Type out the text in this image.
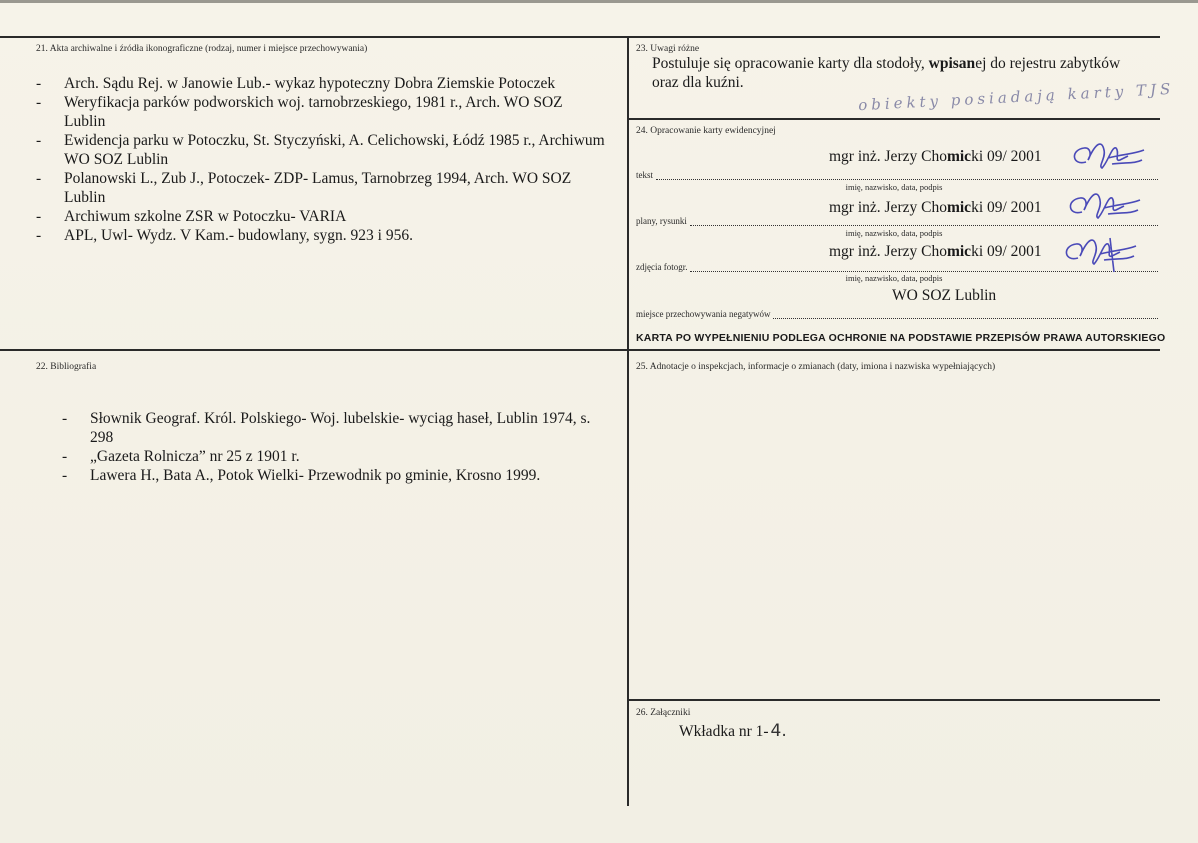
21. Akta archiwalne i źródła ikonograficzne (rodzaj, numer i miejsce przechowywania)
- Arch. Sądu Rej. w Janowie Lub.- wykaz hypoteczny Dobra Ziemskie Potoczek
- Weryfikacja parków podworskich woj. tarnobrzeskiego, 1981 r., Arch. WO SOZ Lublin
- Ewidencja parku w Potoczku, St. Styczyński, A. Celichowski, Łódź 1985 r., Archiwum WO SOZ Lublin
- Polanowski L., Zub J., Potoczek- ZDP- Lamus, Tarnobrzeg 1994, Arch. WO SOZ Lublin
- Archiwum szkolne ZSR w Potoczku- VARIA
- APL, Uwl- Wydz. V Kam.- budowlany, sygn. 923 i 956.
22. Bibliografia
- Słownik Geograf. Król. Polskiego- Woj. lubelskie- wyciąg haseł, Lublin 1974, s. 298
- „Gazeta Rolnicza” nr 25 z 1901 r.
- Lawera H., Bata A., Potok Wielki- Przewodnik po gminie, Krosno 1999.
23. Uwagi różne
Postuluje się opracowanie karty dla stodoły, wpisanej do rejestru zabytków oraz dla kuźni.	obiekty posiadają karty TJS
24. Opracowanie karty ewidencyjnej
mgr inż. Jerzy Chomicki 09/ 2001
tekst
imię, nazwisko, data, podpis
mgr inż. Jerzy Chomicki 09/ 2001
plany, rysunki
imię, nazwisko, data, podpis
mgr inż. Jerzy Chomicki 09/ 2001
zdjęcia fotogr.
imię, nazwisko, data, podpis
WO SOZ Lublin
miejsce przechowywania negatywów
KARTA PO WYPEŁNIENIU PODLEGA OCHRONIE NA PODSTAWIE PRZEPISÓW PRAWA AUTORSKIEGO
25. Adnotacje o inspekcjach, informacje o zmianach (daty, imiona i nazwiska wypełniających)
26. Załączniki
Wkładka nr 1- 4.
